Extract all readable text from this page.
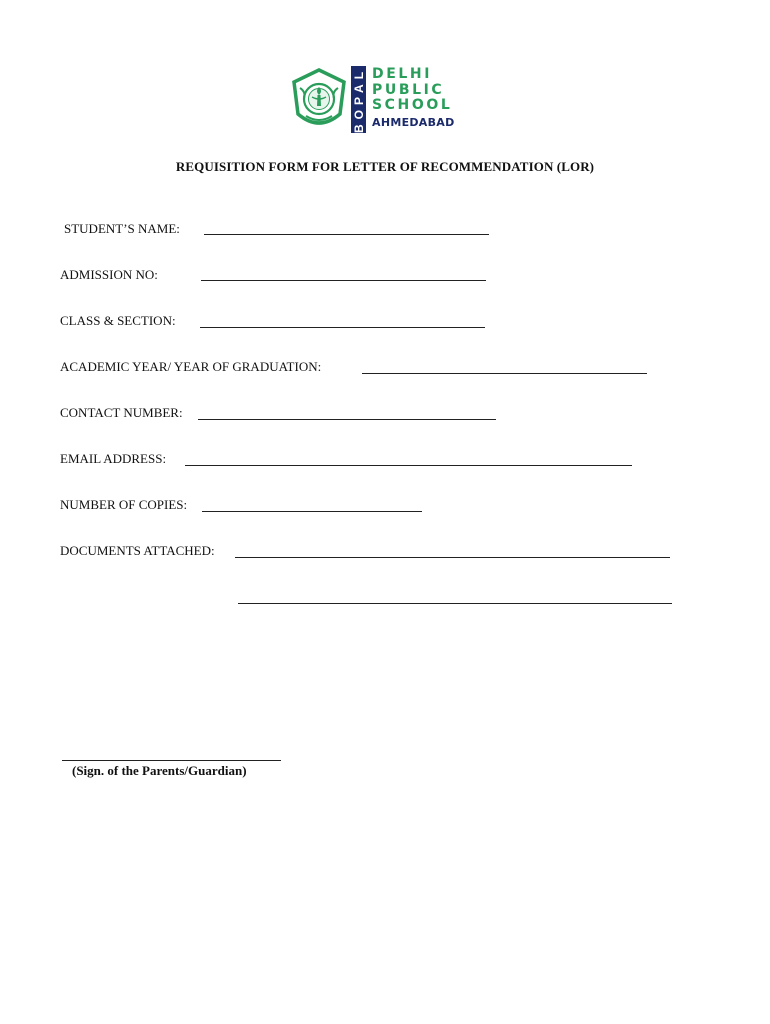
BOPAL DELHI
PUBLIC
SCHOOL
AHMEDABAD
REQUISITION FORM FOR LETTER OF RECOMMENDATION (LOR)
STUDENT’S NAME:
ADMISSION NO:
CLASS & SECTION:
ACADEMIC YEAR/ YEAR OF GRADUATION:
CONTACT NUMBER:
EMAIL ADDRESS:
NUMBER OF COPIES:
DOCUMENTS ATTACHED:
(Sign. of the Parents/Guardian)
